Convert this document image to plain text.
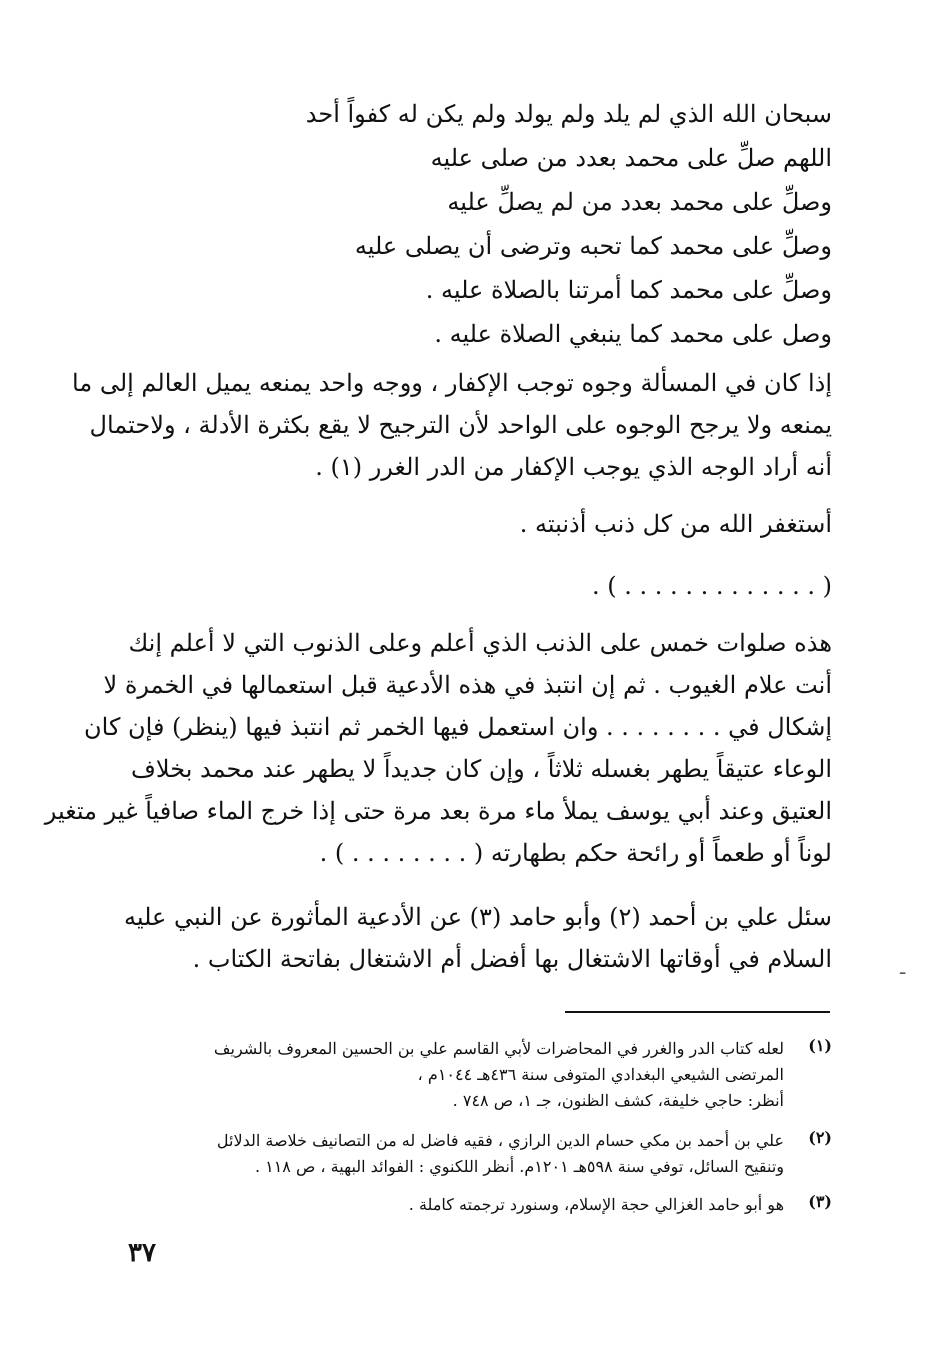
سبحان الله الذي لم يلد ولم يولد ولم يكن له كفواً أحد
اللهم صلِّ على محمد بعدد من صلى عليه
وصلِّ على محمد بعدد من لم يصلِّ عليه
وصلِّ على محمد كما تحبه وترضى أن يصلى عليه
وصلِّ على محمد كما أمرتنا بالصلاة عليه .
وصل على محمد كما ينبغي الصلاة عليه .
إذا كان في المسألة وجوه توجب الإكفار ، ووجه واحد يمنعه يميل العالم إلى ما
يمنعه ولا يرجح الوجوه على الواحد لأن الترجيح لا يقع بكثرة الأدلة ، ولاحتمال
أنه أراد الوجه الذي يوجب الإكفار من الدر الغرر (١) .
أستغفر الله من كل ذنب أذنبته .
( . . . . . . . . . . . . . ) .
هذه صلوات خمس على الذنب الذي أعلم وعلى الذنوب التي لا أعلم إنك
أنت علام الغيوب . ثم إن انتبذ في هذه الأدعية قبل استعمالها في الخمرة لا
إشكال في . . . . . . . . وان استعمل فيها الخمر ثم انتبذ فيها (ينظر) فإن كان
الوعاء عتيقاً يطهر بغسله ثلاثاً ، وإن كان جديداً لا يطهر عند محمد بخلاف
العتيق وعند أبي يوسف يملأ ماء مرة بعد مرة حتى إذا خرج الماء صافياً غير متغير
لوناً أو طعماً أو رائحة حكم بطهارته ( . . . . . . . . ) .
سئل علي بن أحمد (٢) وأبو حامد (٣) عن الأدعية المأثورة عن النبي عليه
السلام في أوقاتها الاشتغال بها أفضل أم الاشتغال بفاتحة الكتاب .	ـ
(١)
لعله كتاب الدر والغرر في المحاضرات لأبي القاسم علي بن الحسين المعروف بالشريف
المرتضى الشيعي البغدادي المتوفى سنة ٤٣٦هـ ١٠٤٤م ،
أنظر: حاجي خليفة، كشف الظنون، جـ ١، ص ٧٤٨ .
(٢)
علي بن أحمد بن مكي حسام الدين الرازي ، فقيه فاضل له من التصانيف خلاصة الدلائل
وتنقيح السائل، توفي سنة ٥٩٨هـ ١٢٠١م. أنظر اللكنوي : الفوائد البهية ، ص ١١٨ .
(٣)
هو أبو حامد الغزالي حجة الإسلام، وسنورد ترجمته كاملة .
٣٧
